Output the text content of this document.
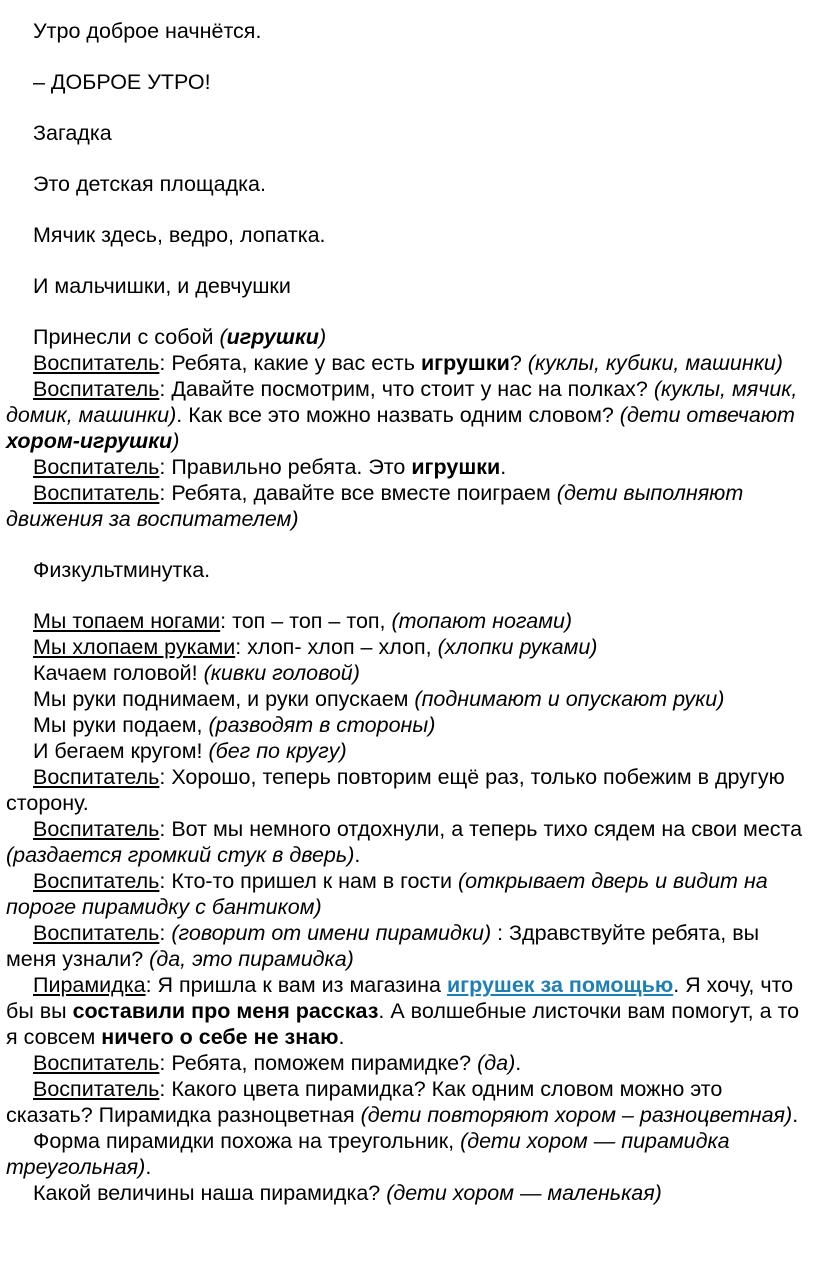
Утро доброе начнётся.

– ДОБРОЕ УТРО!

Загадка

Это детская площадка.

Мячик здесь, ведро, лопатка.

И мальчишки, и девчушки

Принесли с собой (игрушки)

Воспитатель: Ребята, какие у вас есть игрушки? (куклы, кубики, машинки)

Воспитатель: Давайте посмотрим, что стоит у нас на полках? (куклы, мячик, домик, машинки). Как все это можно назвать одним словом? (дети отвечают хором-игрушки)

Воспитатель: Правильно ребята. Это игрушки.

Воспитатель: Ребята, давайте все вместе поиграем (дети выполняют движения за воспитателем)

Физкультминутка.

Мы топаем ногами: топ – топ – топ, (топают ногами)

Мы хлопаем руками: хлоп- хлоп – хлоп, (хлопки руками)

Качаем головой! (кивки головой)

Мы руки поднимаем, и руки опускаем (поднимают и опускают руки)

Мы руки подаем, (разводят в стороны)

И бегаем кругом! (бег по кругу)

Воспитатель: Хорошо, теперь повторим ещё раз, только побежим в другую сторону.

Воспитатель: Вот мы немного отдохнули, а теперь тихо сядем на свои места (раздается громкий стук в дверь).

Воспитатель: Кто-то пришел к нам в гости (открывает дверь и видит на пороге пирамидку с бантиком)

Воспитатель: (говорит от имени пирамидки) : Здравствуйте ребята, вы меня узнали? (да, это пирамидка)

Пирамидка: Я пришла к вам из магазина игрушек за помощью. Я хочу, что бы вы составили про меня рассказ. А волшебные листочки вам помогут, а то я совсем ничего о себе не знаю.

Воспитатель: Ребята, поможем пирамидке? (да).

Воспитатель: Какого цвета пирамидка? Как одним словом можно это сказать? Пирамидка разноцветная (дети повторяют хором – разноцветная).

Форма пирамидки похожа на треугольник, (дети хором — пирамидка треугольная).

Какой величины наша пирамидка? (дети хором — маленькая)
